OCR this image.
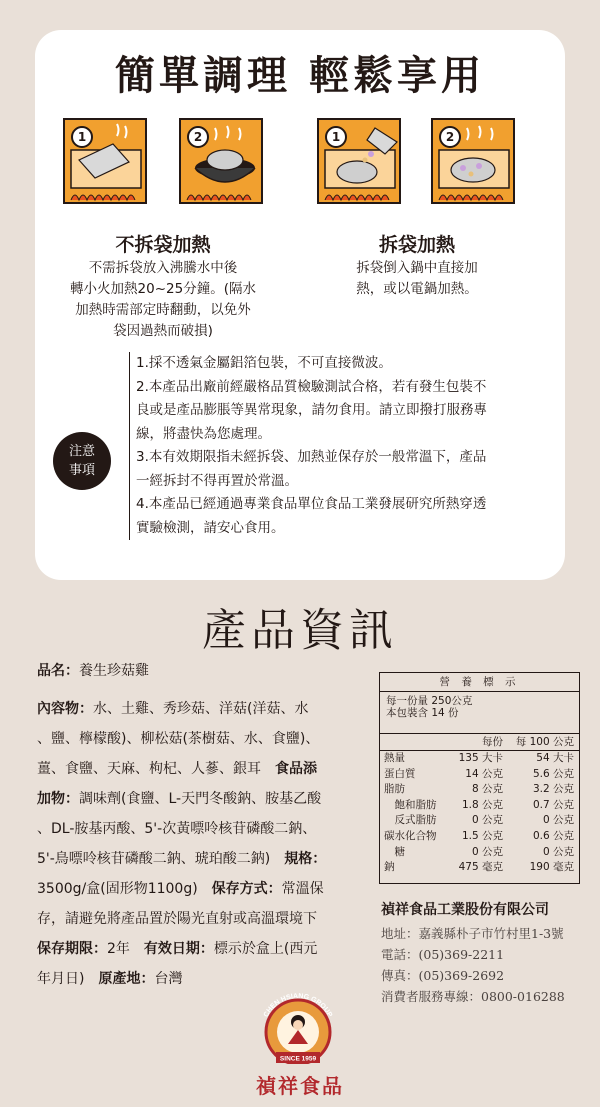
簡單調理 輕鬆享用
1	2	1	2
不拆袋加熱
不需拆袋放入沸騰水中後
轉小火加熱20~25分鐘。(隔水
加熱時需部定時翻動，以免外
袋因過熱而破損)
拆袋加熱
拆袋倒入鍋中直接加
熱，或以電鍋加熱。
注意
事項

1.採不透氣金屬鋁箔包裝，不可直接微波。

2.本產品出廠前經嚴格品質檢驗測試合格，若有發生包裝不

良或是產品膨脹等異常現象，請勿食用。請立即撥打服務專

線，將盡快為您處理。

3.本有效期限指未經拆袋、加熱並保存於一般常溫下，產品

一經拆封不得再置於常溫。

4.本產品已經通過專業食品單位食品工業發展研究所熱穿透

實驗檢測，請安心食用。

產品資訊
品名：養生珍菇雞
內容物：水、土雞、秀珍菇、洋菇(洋菇、水
、鹽、檸檬酸)、柳松菇(茶樹菇、水、食鹽)、
薑、食鹽、天麻、枸杞、人蔘、銀耳　食品添
加物：調味劑(食鹽、L-天門冬酸鈉、胺基乙酸
、DL-胺基丙酸、5'-次黃嘌呤核苷磷酸二鈉、
5'-鳥嘌呤核苷磷酸二鈉、琥珀酸二鈉)　規格：
3500g/盒(固形物1100g)　保存方式：常溫保
存，請避免將產品置於陽光直射或高溫環境下
保存期限：2年　有效日期：標示於盒上(西元
年月日)　原產地：台灣
營 養 標 示
每一份量 250公克
本包裝含 14 份
每份	每 100 公克
熱量	135 大卡	54 大卡
蛋白質	14 公克	5.6 公克
脂肪	8 公克	3.2 公克
　飽和脂肪	1.8 公克	0.7 公克
　反式脂肪	0 公克	0 公克
碳水化合物	1.5 公克	0.6 公克
　糖	0 公克	0 公克
鈉	475 毫克	190 毫克
禎祥食品工業股份有限公司
地址：嘉義縣朴子市竹村里1-3號
電話：(05)369-2211
傳真：(05)369-2692
消費者服務專線：0800-016288
CHEN HSIANG GROUP
SINCE 1959
禎祥食品
